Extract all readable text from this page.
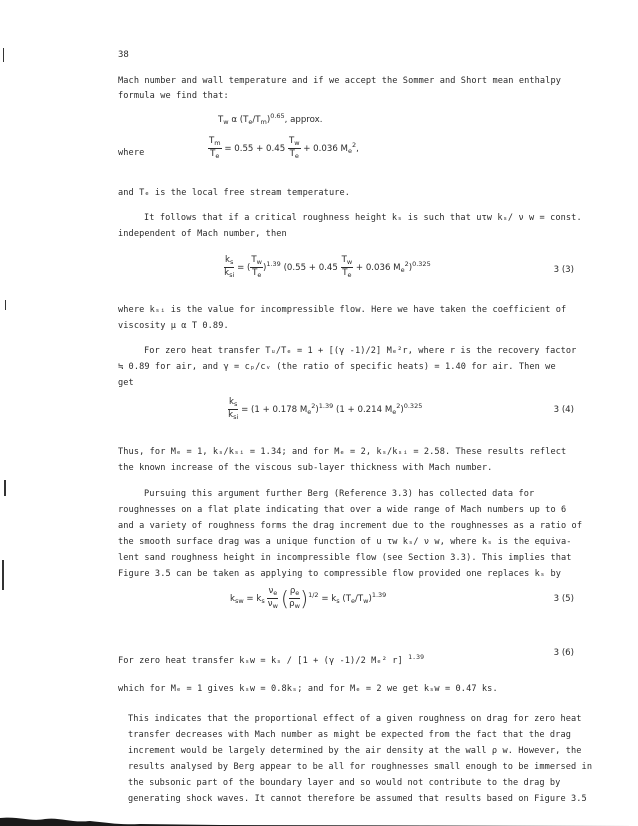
38
Mach number and wall temperature and if we accept the Sommer and Short mean enthalpy
formula we find that:
$T_w$ α $(T_e/T_m)^{0.65}$, approx.
where	$\frac{T_m}{T_e} = 0.55 + 0.45 \frac{T_w}{T_e} + 0.036$ $M_e^2$,
and Tₑ is the local free stream temperature.
It follows that if a critical roughness height kₛ is such that uτw kₛ/ ν w = const.
independent of Mach number, then
$\frac{k_s}{k_{si}}$ = ( $\frac{T_w}{T_e} )^{1.39}$ ($0.55 + 0.45 \frac{T_w}{T_e} + 0.036$ $M_e^2)^{0.325}$
3 (3)
where kₛᵢ is the value for incompressible flow. Here we have taken the coefficient of
viscosity μ α T 0.89.
For zero heat transfer Tᵤ/Tₑ = 1 + [(γ -1)/2] Mₑ²r, where r is the recovery factor
≒ 0.89 for air, and γ = cₚ/cᵥ (the ratio of specific heats) = 1.40 for air. Then we
get
$\frac{k_s}{k_{si}} = (1 + 0.178$ $M_e^2)^{1.39}$ (1 + 0.214 $M_e^2)^{0.325}$	3 (4)
Thus, for Mₑ = 1, kₛ/kₛᵢ = 1.34; and for Mₑ = 2, kₛ/kₛᵢ = 2.58. These results reflect
the known increase of the viscous sub-layer thickness with Mach number.
Pursuing this argument further Berg (Reference 3.3) has collected data for
roughnesses on a flat plate indicating that over a wide range of Mach numbers up to 6
and a variety of roughness forms the drag increment due to the roughnesses as a ratio of
the smooth surface drag was a unique function of u τw kₛ/ ν w, where kₛ is the equiva-
lent sand roughness height in incompressible flow (see Section 3.3). This implies that
Figure 3.5 can be taken as applying to compressible flow provided one replaces kₛ by
$k_{sw} = k_s \frac{\nu_e}{\nu_w}$ ( $\frac{\rho_e}{\rho_w} )^{1/2} = k_s$ $(T_e/T_w)^{1.39}$	3 (5)
For zero heat transfer kₛw = kₛ / [1 + (γ -1)/2 Mₑ² r] $^{1.39}$	3 (6)
which for Mₑ = 1 gives kₛw = 0.8kₛ; and for Mₑ = 2 we get kₛw = 0.47 ks.
This indicates that the proportional effect of a given roughness on drag for zero heat
transfer decreases with Mach number as might be expected from the fact that the drag
increment would be largely determined by the air density at the wall ρ w. However, the
results analysed by Berg appear to be all for roughnesses small enough to be immersed in
the subsonic part of the boundary layer and so would not contribute to the drag by
generating shock waves. It cannot therefore be assumed that results based on Figure 3.5
